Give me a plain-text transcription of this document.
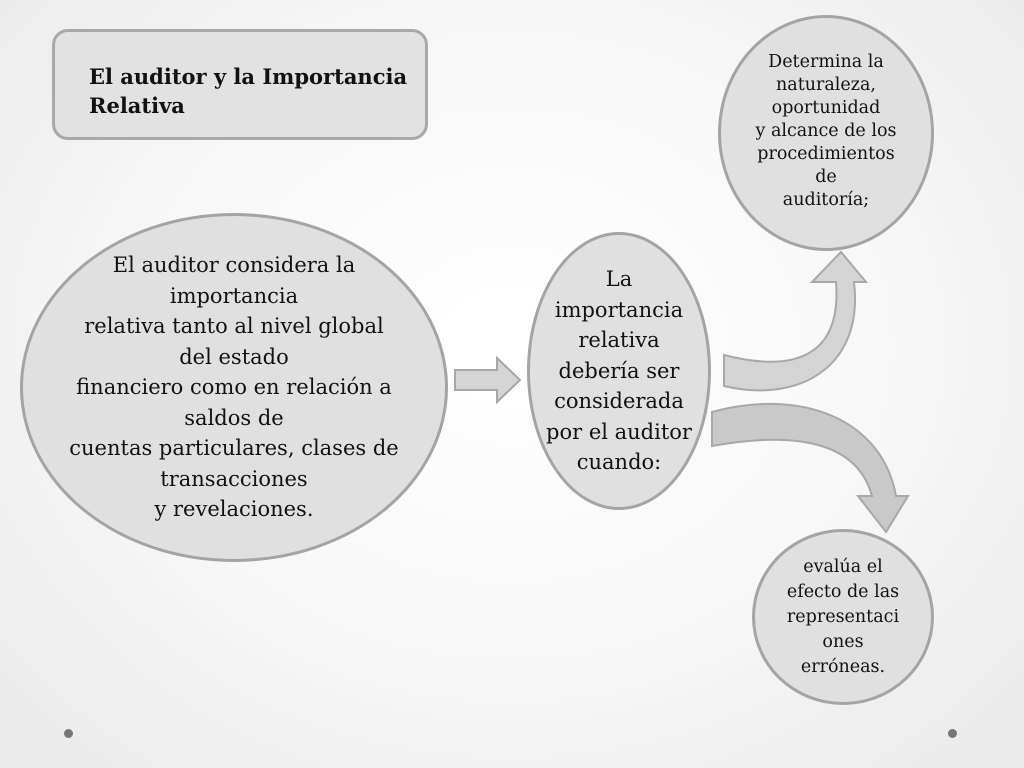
El auditor y la Importancia
Relativa
El auditor considera la
importancia
relativa tanto al nivel global
del estado
financiero como en relación a
saldos de
cuentas particulares, clases de
transacciones
y revelaciones.
La
importancia
relativa
debería ser
considerada
por el auditor
cuando:
Determina la
naturaleza,
oportunidad
y alcance de los
procedimientos
de
auditoría;
evalúa el
efecto de las
representaci
ones
erróneas.
